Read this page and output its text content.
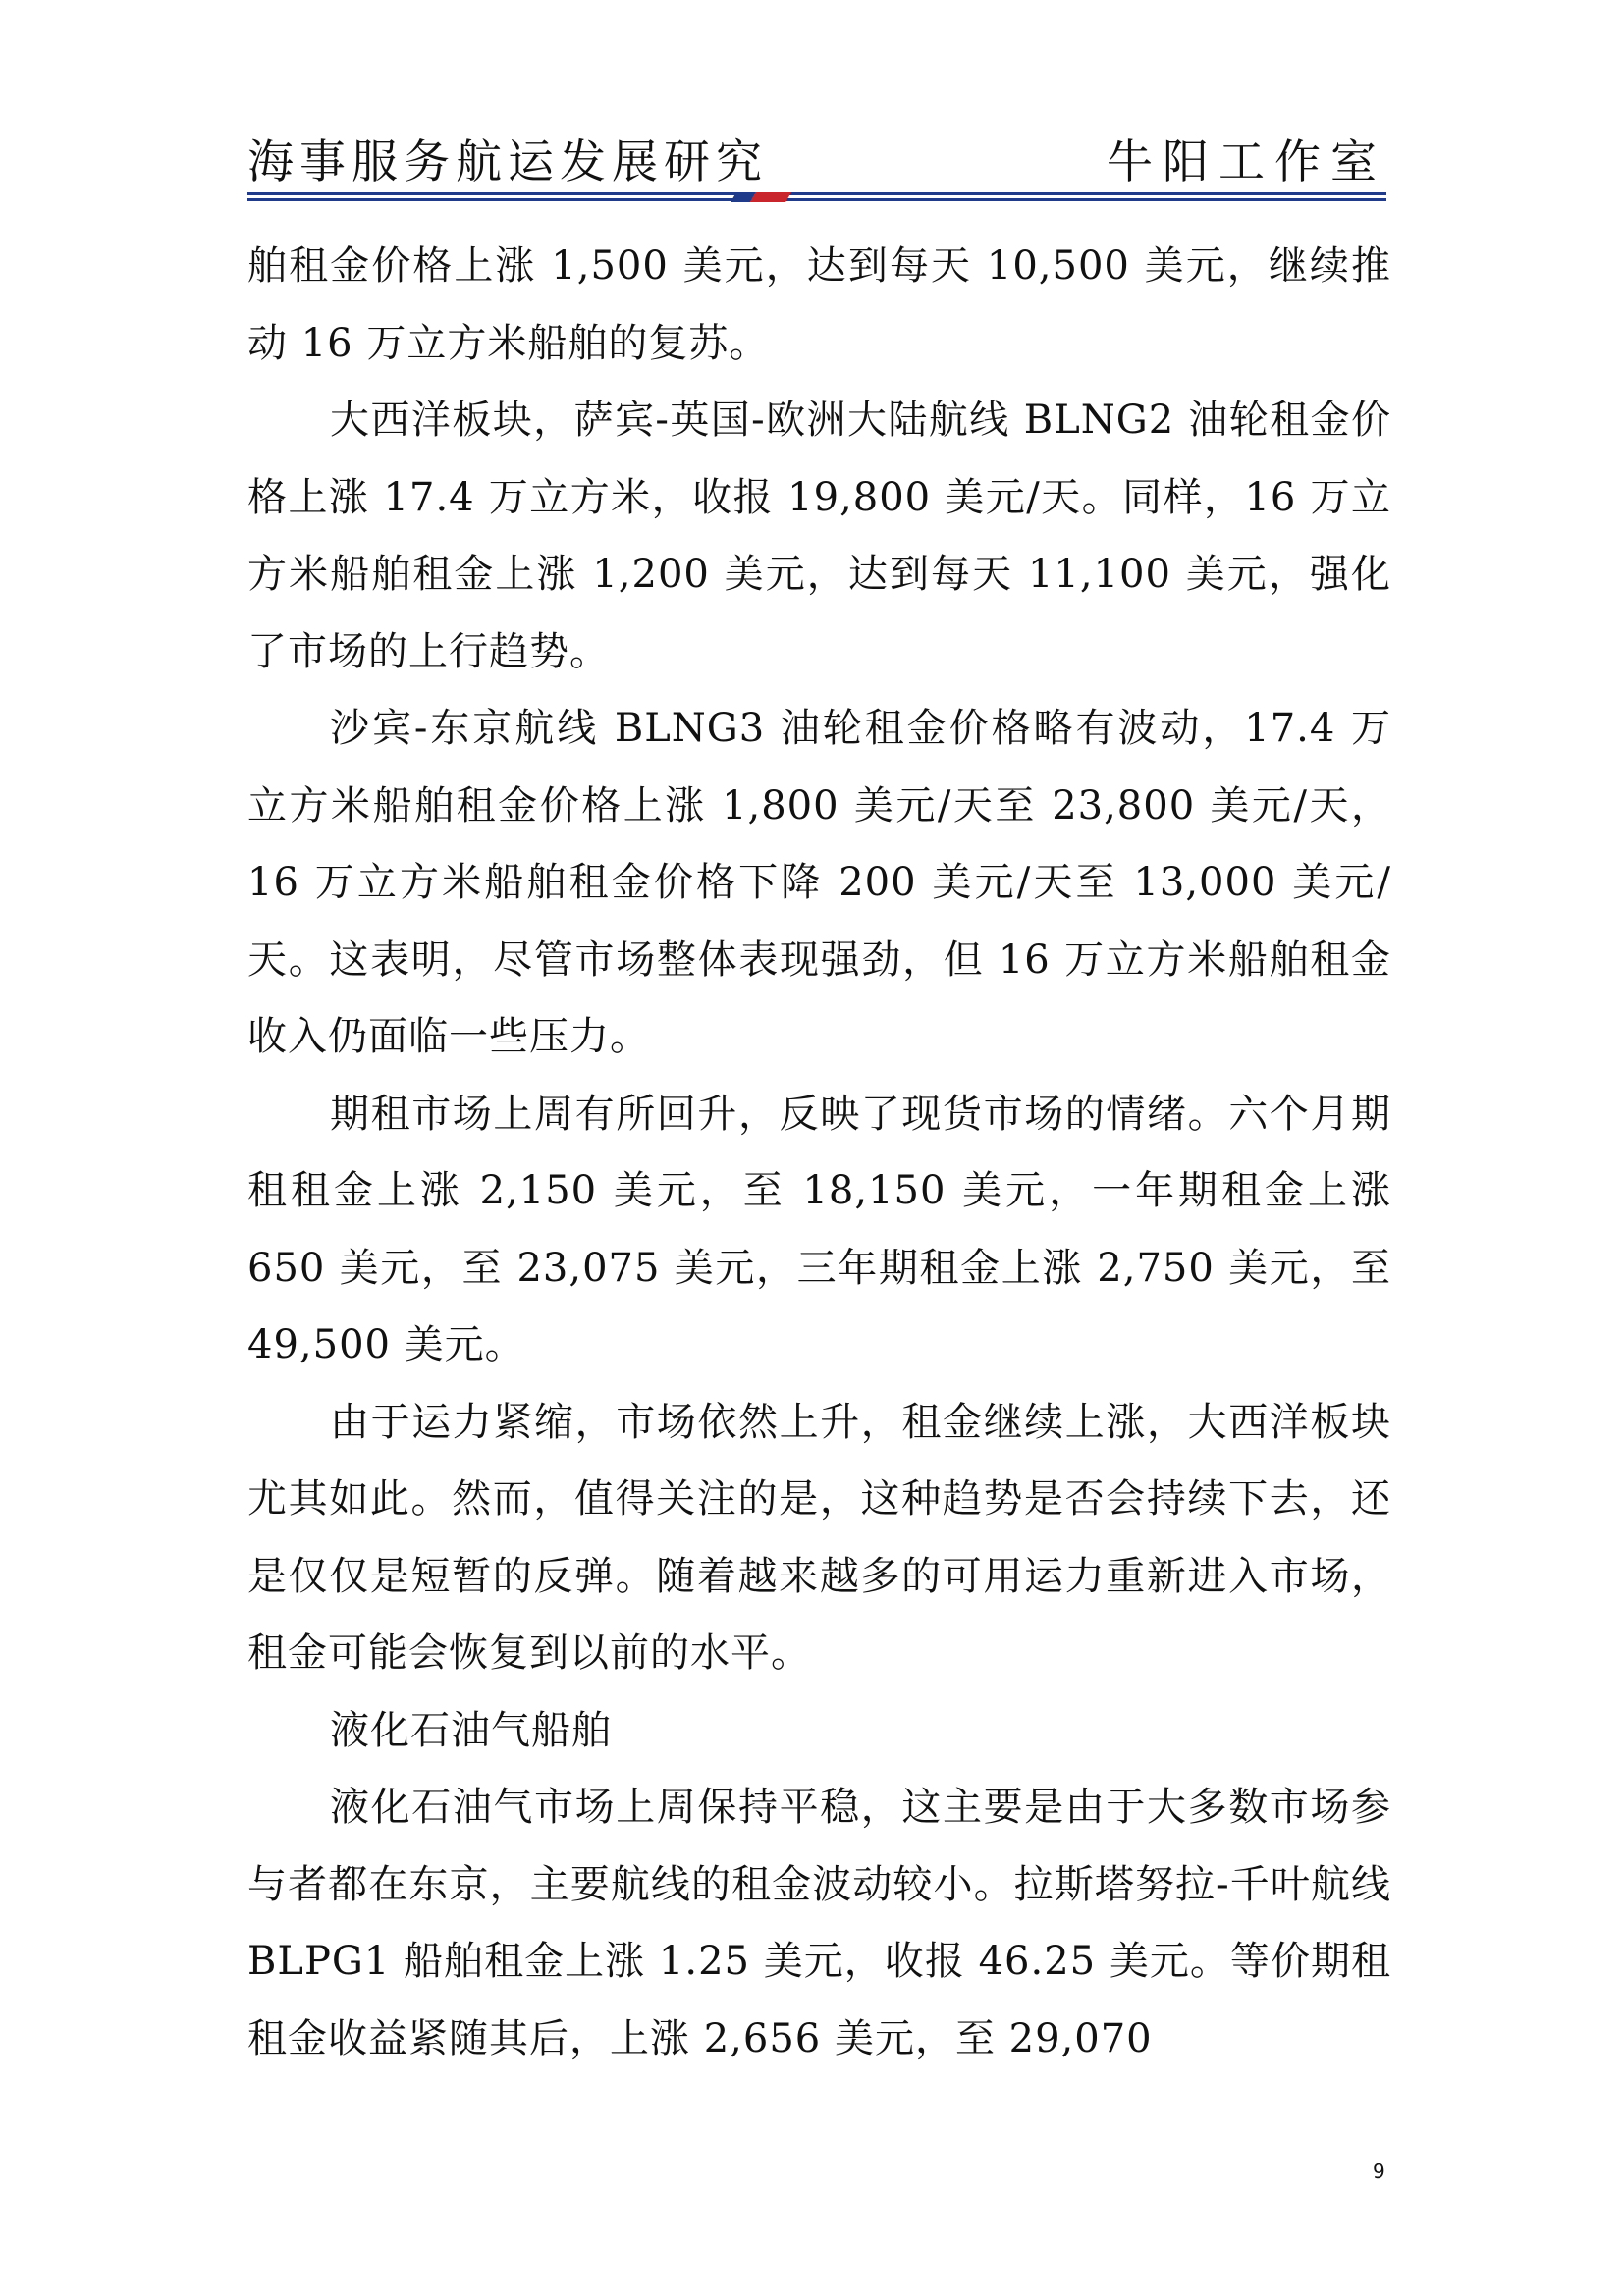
海事服务航运发展研究	牛阳工作室

舶租金价格上涨 1,500 美元，达到每天 10,500 美元，继续推动 16 万立方米船舶的复苏。

大西洋板块，萨宾-英国-欧洲大陆航线 BLNG2 油轮租金价格上涨 17.4 万立方米，收报 19,800 美元/天。同样，16 万立方米船舶租金上涨 1,200 美元，达到每天 11,100 美元，强化了市场的上行趋势。

沙宾-东京航线 BLNG3 油轮租金价格略有波动，17.4 万立方米船舶租金价格上涨 1,800 美元/天至 23,800 美元/天，16 万立方米船舶租金价格下降 200 美元/天至 13,000 美元/天。这表明，尽管市场整体表现强劲，但 16 万立方米船舶租金收入仍面临一些压力。

期租市场上周有所回升，反映了现货市场的情绪。六个月期租租金上涨 2,150 美元，至 18,150 美元，一年期租金上涨 650 美元，至 23,075 美元，三年期租金上涨 2,750 美元，至 49,500 美元。

由于运力紧缩，市场依然上升，租金继续上涨，大西洋板块尤其如此。然而，值得关注的是，这种趋势是否会持续下去，还是仅仅是短暂的反弹。随着越来越多的可用运力重新进入市场，租金可能会恢复到以前的水平。

液化石油气船舶

液化石油气市场上周保持平稳，这主要是由于大多数市场参与者都在东京，主要航线的租金波动较小。拉斯塔努拉-千叶航线 BLPG1 船舶租金上涨 1.25 美元，收报 46.25 美元。等价期租租金收益紧随其后，上涨 2,656 美元，至 29,070

9
